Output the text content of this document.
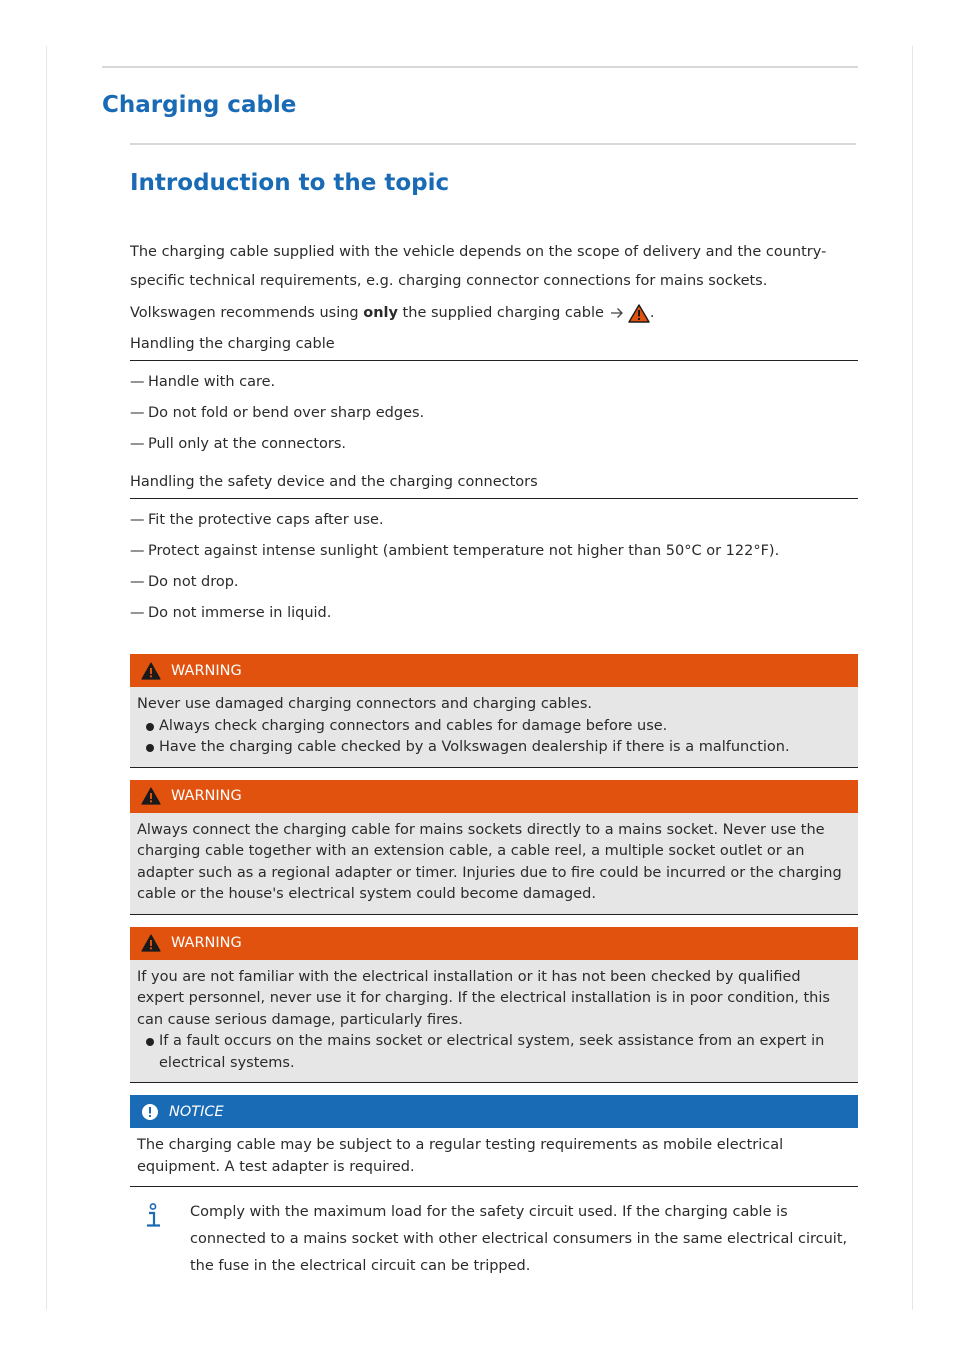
Charging cable
Introduction to the topic

The charging cable supplied with the vehicle depends on the scope of delivery and the country-specific technical requirements, e.g. charging connector connections for mains sockets.

Volkswagen recommends using only the supplied charging cable	.

Handling the charging cable
— Handle with care.
— Do not fold or bend over sharp edges.
— Pull only at the connectors.
Handling the safety device and the charging connectors
— Fit the protective caps after use.
— Protect against intense sunlight (ambient temperature not higher than 50°C or 122°F).
— Do not drop.
— Do not immerse in liquid.
WARNING

Never use damaged charging connectors and charging cables.

Always check charging connectors and cables for damage before use.
Have the charging cable checked by a Volkswagen dealership if there is a malfunction.
WARNING

Always connect the charging cable for mains sockets directly to a mains socket. Never use the charging cable together with an extension cable, a cable reel, a multiple socket outlet or an adapter such as a regional adapter or timer. Injuries due to fire could be incurred or the charging cable or the house's electrical system could become damaged.

WARNING

If you are not familiar with the electrical installation or it has not been checked by qualified expert personnel, never use it for charging. If the electrical installation is in poor condition, this can cause serious damage, particularly fires.

If a fault occurs on the mains socket or electrical system, seek assistance from an expert in electrical systems.
NOTICE

The charging cable may be subject to a regular testing requirements as mobile electrical equipment. A test adapter is required.

Comply with the maximum load for the safety circuit used. If the charging cable is connected to a mains socket with other electrical consumers in the same electrical circuit, the fuse in the electrical circuit can be tripped.
